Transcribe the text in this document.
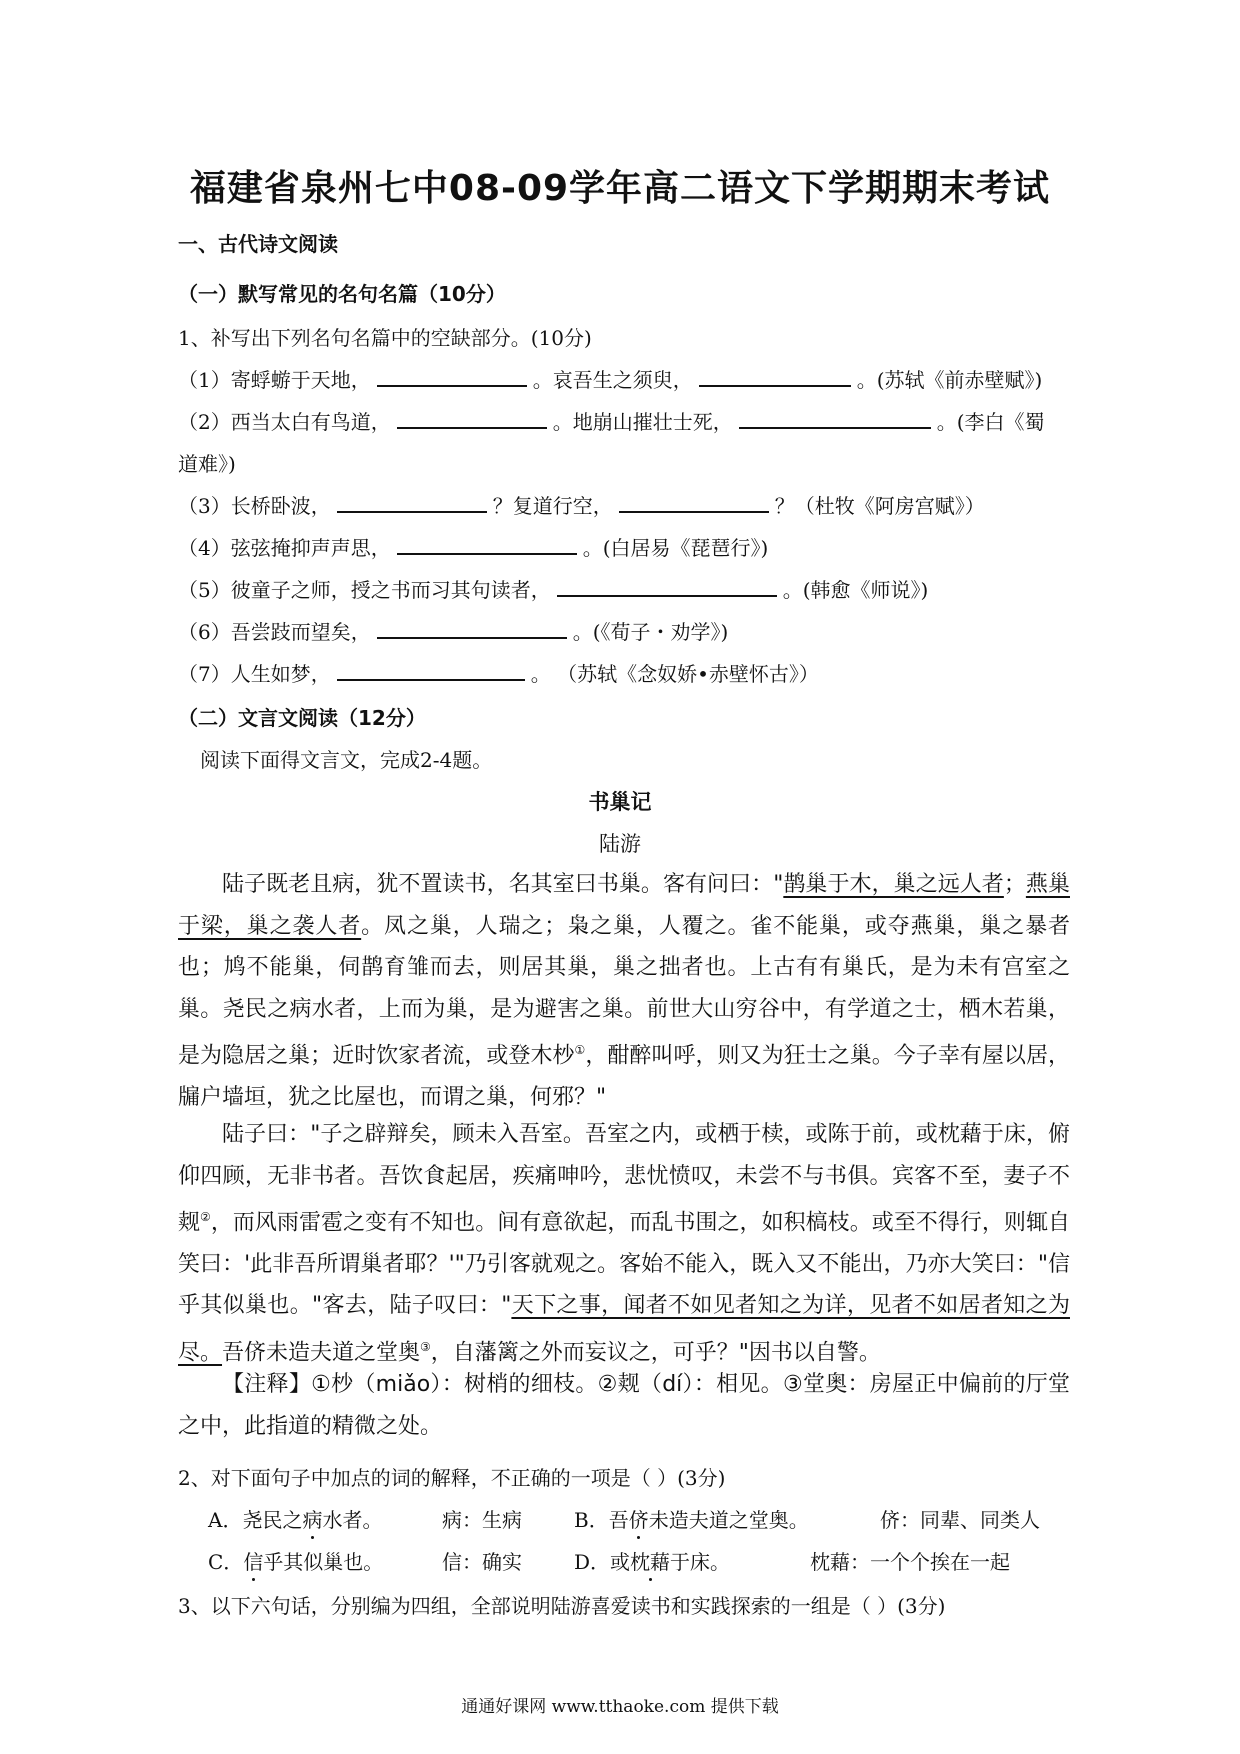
福建省泉州七中08-09学年高二语文下学期期末考试
一、古代诗文阅读
（一）默写常见的名句名篇（10分）
1、补写出下列名句名篇中的空缺部分。(10分)
（1）寄蜉蝣于天地，	。哀吾生之须臾，	。(苏轼《前赤壁赋》)
（2）西当太白有鸟道，	。地崩山摧壮士死，	。(李白《蜀
道难》)
（3）长桥卧波，	？复道行空，	？（杜牧《阿房宫赋》）
（4）弦弦掩抑声声思，	。(白居易《琵琶行》)
（5）彼童子之师，授之书而习其句读者，	。(韩愈《师说》)
（6）吾尝跂而望矣，	。(《荀子・劝学》)
（7）人生如梦，	。 （苏轼《念奴娇•赤壁怀古》）
（二）文言文阅读（12分）
阅读下面得文言文，完成2-4题。
书巢记
陆游
陆子既老且病，犹不置读书，名其室曰书巢。客有问曰："鹊巢于木，巢之远人者；燕巢于梁，巢之袭人者。凤之巢，人瑞之；枭之巢，人覆之。雀不能巢，或夺燕巢，巢之暴者也；鸠不能巢，伺鹊育雏而去，则居其巢，巢之拙者也。上古有有巢氏，是为未有宫室之巢。尧民之病水者，上而为巢，是为避害之巢。前世大山穷谷中，有学道之士，栖木若巢，是为隐居之巢；近时饮家者流，或登木杪①，酣醉叫呼，则又为狂士之巢。今子幸有屋以居，牖户墙垣，犹之比屋也，而谓之巢，何邪？"
陆子曰："子之辟辩矣，顾未入吾室。吾室之内，或栖于椟，或陈于前，或枕藉于床，俯仰四顾，无非书者。吾饮食起居，疾痛呻吟，悲忧愤叹，未尝不与书俱。宾客不至，妻子不觌②，而风雨雷雹之变有不知也。间有意欲起，而乱书围之，如积槁枝。或至不得行，则辄自笑曰：'此非吾所谓巢者耶？'"乃引客就观之。客始不能入，既入又不能出，乃亦大笑曰："信乎其似巢也。"客去，陆子叹曰："天下之事，闻者不如见者知之为详，见者不如居者知之为尽。吾侪未造夫道之堂奥③，自藩篱之外而妄议之，可乎？"因书以自警。
【注释】①杪（miǎo）：树梢的细枝。②觌（dí）：相见。③堂奥：房屋正中偏前的厅堂之中，此指道的精微之处。
2、对下面句子中加点的词的解释，不正确的一项是（ ）(3分)
A．尧民之病水者。	病：生病	B．吾侪未造夫道之堂奥。	侪：同辈、同类人
C．信乎其似巢也。	信：确实	D．或枕藉于床。	枕藉：一个个挨在一起
3、以下六句话，分别编为四组，全部说明陆游喜爱读书和实践探索的一组是（ ）(3分)
通通好课网 www.tthaoke.com 提供下载
